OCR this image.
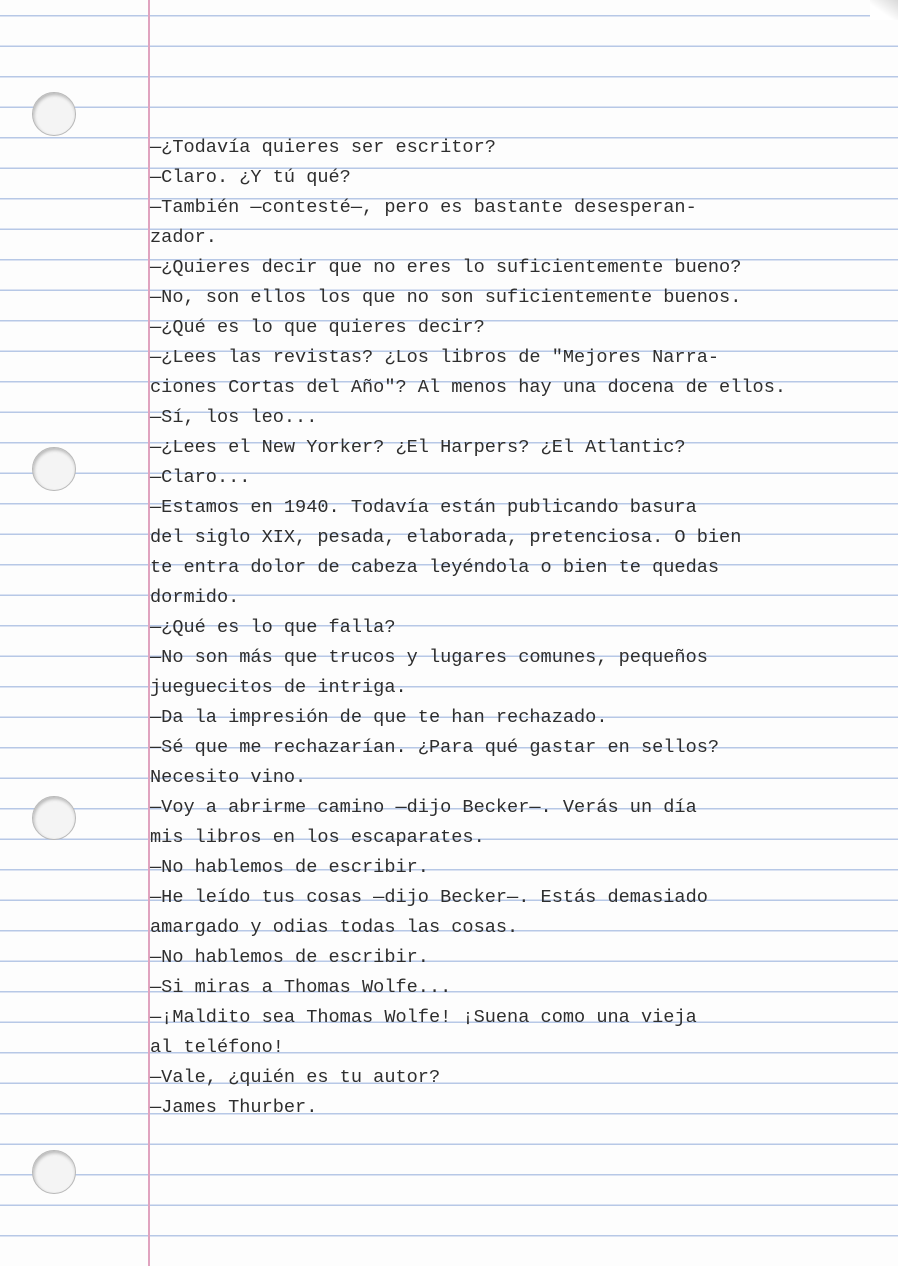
—¿Todavía quieres ser escritor?
—Claro. ¿Y tú qué?
—También —contesté—, pero es bastante desesperan-
zador.
—¿Quieres decir que no eres lo suficientemente bueno?
—No, son ellos los que no son suficientemente buenos.
—¿Qué es lo que quieres decir?
—¿Lees las revistas? ¿Los libros de "Mejores Narra-
ciones Cortas del Año"? Al menos hay una docena de ellos.
—Sí, los leo...
—¿Lees el New Yorker? ¿El Harpers? ¿El Atlantic?
—Claro...
—Estamos en 1940. Todavía están publicando basura
del siglo XIX, pesada, elaborada, pretenciosa. O bien
te entra dolor de cabeza leyéndola o bien te quedas
dormido.
—¿Qué es lo que falla?
—No son más que trucos y lugares comunes, pequeños
jueguecitos de intriga.
—Da la impresión de que te han rechazado.
—Sé que me rechazarían. ¿Para qué gastar en sellos?
Necesito vino.
—Voy a abrirme camino —dijo Becker—. Verás un día
mis libros en los escaparates.
—No hablemos de escribir.
—He leído tus cosas —dijo Becker—. Estás demasiado
amargado y odias todas las cosas.
—No hablemos de escribir.
—Si miras a Thomas Wolfe...
—¡Maldito sea Thomas Wolfe! ¡Suena como una vieja
al teléfono!
—Vale, ¿quién es tu autor?
—James Thurber.
